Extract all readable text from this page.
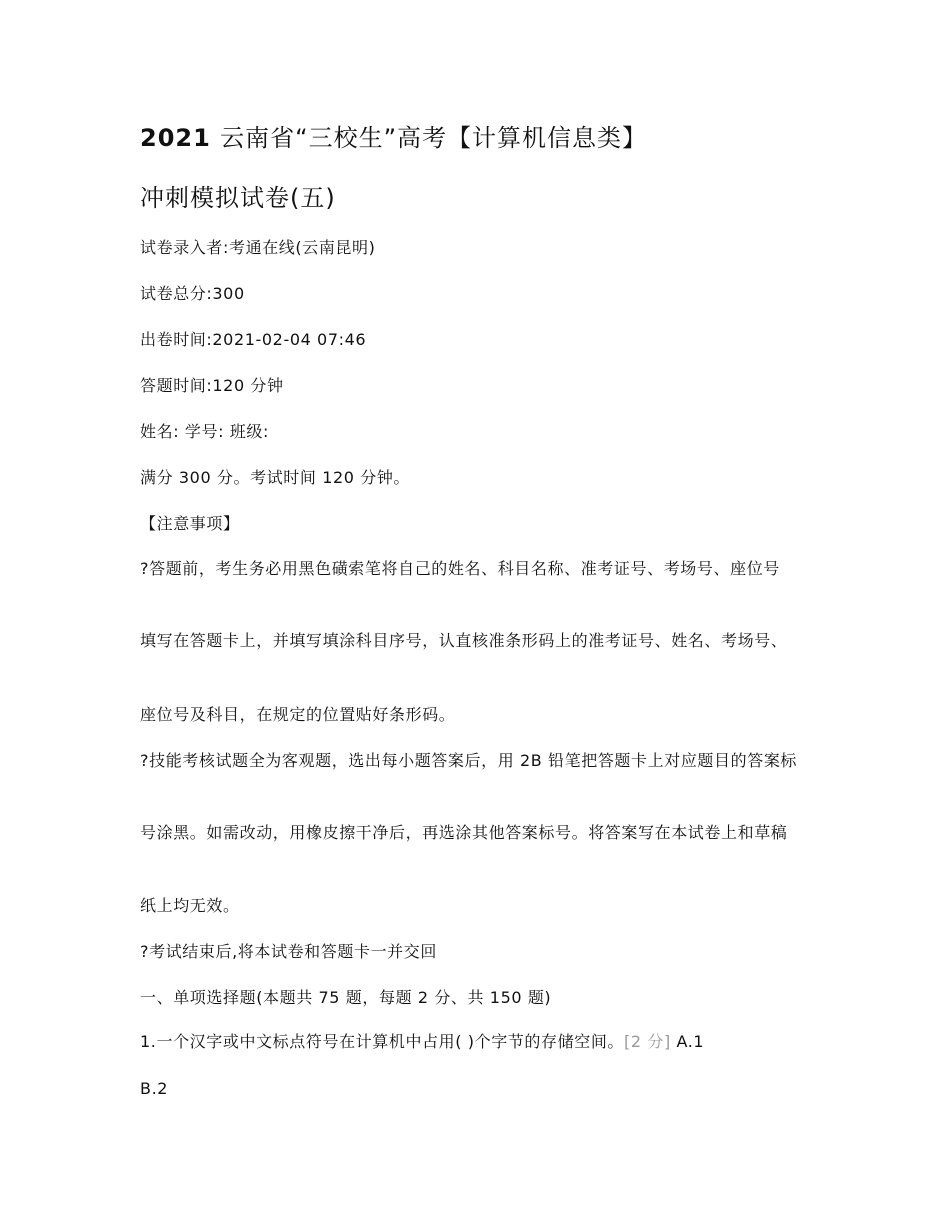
2021 云南省“三校生”高考【计算机信息类】
冲刺模拟试卷(五)
试卷录入者:考通在线(云南昆明)
试卷总分:300
出卷时间:2021-02-04 07:46
答题时间:120 分钟
姓名: 学号: 班级:
满分 300 分。考试时间 120 分钟。
【注意事项】
?答题前，考生务必用黑色磺索笔将自己的姓名、科目名称、准考证号、考场号、座位号
填写在答题卡上，并填写填涂科目序号，认直核准条形码上的准考证号、姓名、考场号、
座位号及科目，在规定的位置贴好条形码。
?技能考核试题全为客观题，选出每小题答案后，用 2B 铅笔把答题卡上对应题目的答案标
号涂黑。如需改动，用橡皮擦干净后，再选涂其他答案标号。将答案写在本试卷上和草稿
纸上均无效。
?考试结束后,将本试卷和答题卡一并交回
一、单项选择题(本题共 75 题，每题 2 分、共 150 题)
1.一个汉字或中文标点符号在计算机中占用( )个字节的存储空间。[2 分] A.1
B.2
